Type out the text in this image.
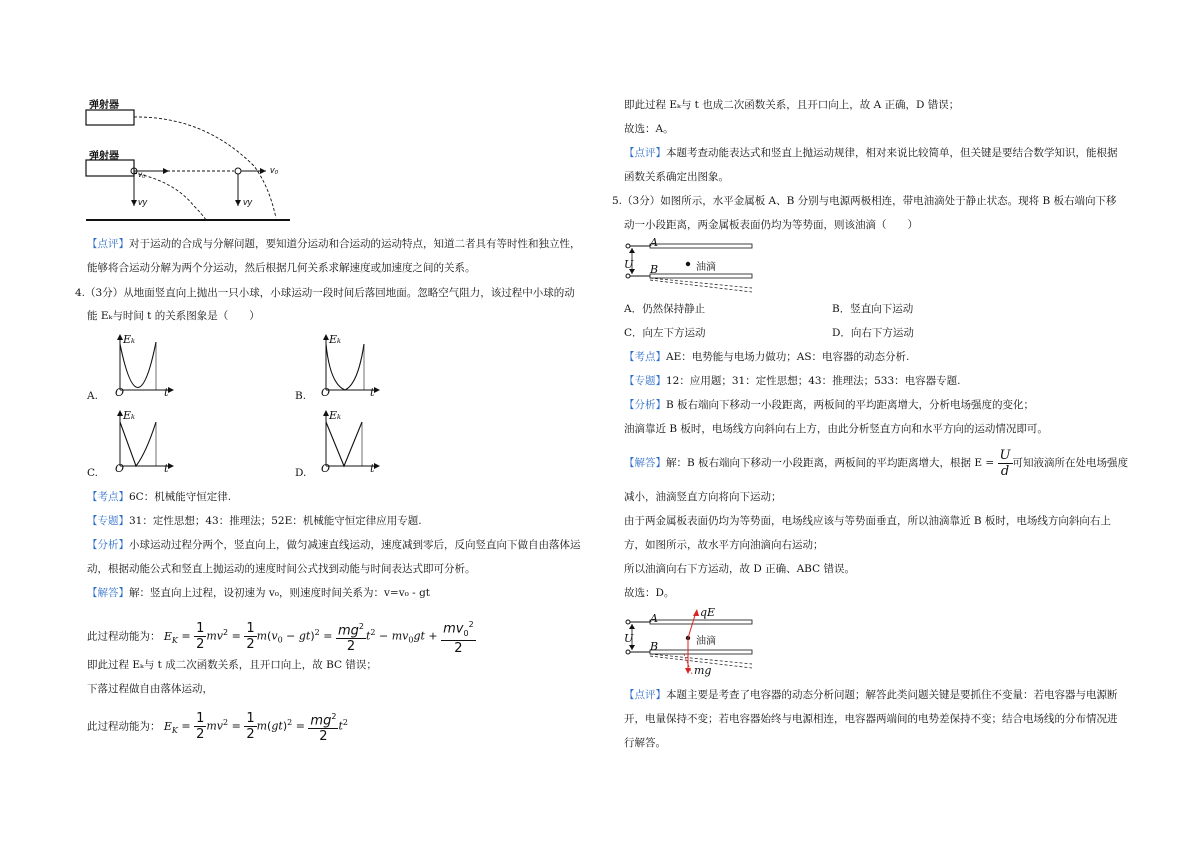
弹射器
弹射器
v₀	v₀
vy	vy
【点评】对于运动的合成与分解问题，要知道分运动和合运动的运动特点，知道二者具有等时性和独立性，
能够将合运动分解为两个分运动，然后根据几何关系求解速度或加速度之间的关系。
4.（3分）从地面竖直向上抛出一只小球，小球运动一段时间后落回地面。忽略空气阻力，该过程中小球的动
能 Eₖ与时间 t 的关系图象是（　　）
Eₖ
O	t
A.
Eₖ
O	t
B.
Eₖ
O	t
C.
Eₖ
O	t
D.
【考点】6C：机械能守恒定律.
【专题】31：定性思想；43：推理法；52E：机械能守恒定律应用专题.
【分析】小球运动过程分两个，竖直向上，做匀减速直线运动，速度减到零后，反向竖直向下做自由落体运
动，根据动能公式和竖直上抛运动的速度时间公式找到动能与时间表达式即可分析。
【解答】解：竖直向上过程，设初速为 v₀，则速度时间关系为：v=v₀ - gt
此过程动能为： $E_K = \frac{1}{2} mv^2 = \frac{1}{2} m(v_0 - gt)^2 = \frac{mg^2}{2} t^2 - mv_0gt + \frac{mv_0^2}{2}$
即此过程 Eₖ与 t 成二次函数关系，且开口向上，故 BC 错误；
下落过程做自由落体运动，
此过程动能为： $E_K = \frac{1}{2} mv^2 = \frac{1}{2} m(gt)^2 = \frac{mg^2}{2} t^2$
即此过程 Eₖ与 t 也成二次函数关系，且开口向上，故 A 正确，D 错误；
故选：A。
【点评】本题考查动能表达式和竖直上抛运动规律，相对来说比较简单，但关键是要结合数学知识，能根据
函数关系确定出图象。
5.（3分）如图所示，水平金属板 A、B 分别与电源两极相连，带电油滴处于静止状态。现将 B 板右端向下移
动一小段距离，两金属板表面仍均为等势面，则该油滴（　　）
A
B
U	油滴
A．仍然保持静止	B．竖直向下运动
C．向左下方运动	D．向右下方运动
【考点】AE：电势能与电场力做功；AS：电容器的动态分析.
【专题】12：应用题；31：定性思想；43：推理法；533：电容器专题.
【分析】B 板右端向下移动一小段距离，两板间的平均距离增大，分析电场强度的变化；
油滴靠近 B 板时，电场线方向斜向右上方，由此分析竖直方向和水平方向的运动情况即可。
【解答】解：B 板右端向下移动一小段距离，两板间的平均距离增大，根据 $E = \frac{U}{d}$ 可知液滴所在处电场强度
减小，油滴竖直方向将向下运动；
由于两金属板表面仍均为等势面，电场线应该与等势面垂直，所以油滴靠近 B 板时，电场线方向斜向右上
方，如图所示，故水平方向油滴向右运动；
所以油滴向右下方运动，故 D 正确、ABC 错误。
故选：D。
A
B
U	油滴
qE
mg
【点评】本题主要是考查了电容器的动态分析问题；解答此类问题关键是要抓住不变量：若电容器与电源断
开，电量保持不变；若电容器始终与电源相连，电容器两端间的电势差保持不变；结合电场线的分布情况进
行解答。
